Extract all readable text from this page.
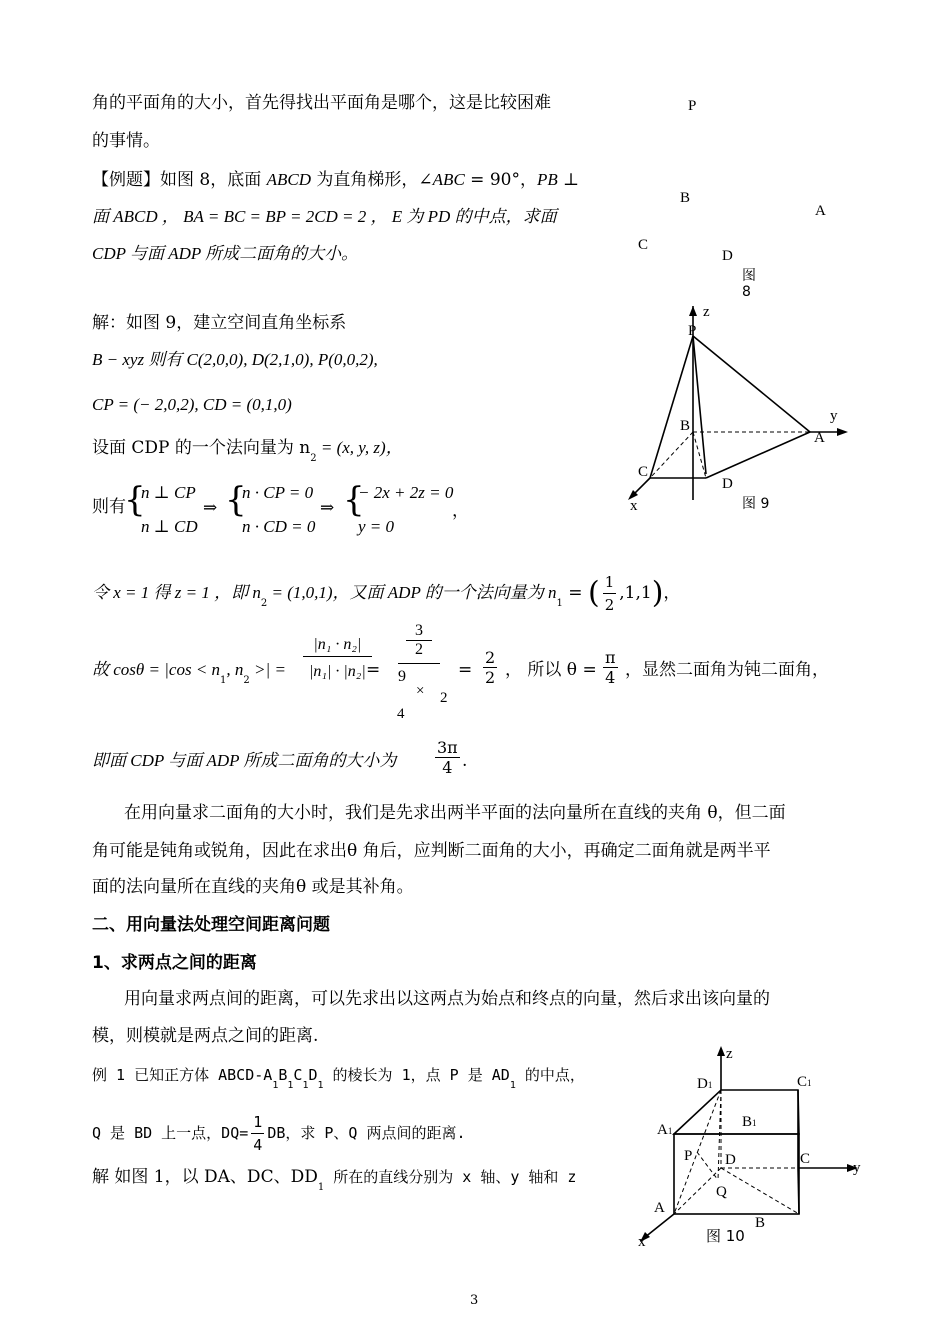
角的平面角的大小，首先得找出平面角是哪个，这是比较困难
的事情。
【例题】如图 8，底面 ABCD 为直角梯形，∠ABC = 90°，PB ⊥
面 ABCD ， BA = BC = BP = 2CD = 2 ， E 为 PD 的中点，求面
CDP 与面 ADP 所成二面角的大小。
P
B
A
C
D
图 8
解：如图 9，建立空间直角坐标系
B − xyz 则有 C(2,0,0), D(2,1,0), P(0,0,2),
CP = (− 2,0,2), CD = (0,1,0)
设面 CDP 的一个法向量为 $n_2 = (x$, y, z)，
则有
{
n ⊥ CP
n ⊥ CD
⇒ {
n · CP = 0
n · CD = 0
⇒ {
− 2x + 2z = 0
y = 0
，
z
P
y
B
A
C
D
x	图 9
令 x = 1 得 z = 1 ，即 $n_2 = (1,0,1)$，又面 ADP 的一个法向量为 $n_1$ = ( $\frac{1}{2} ,1,1$)，
故 $\cos\theta = |\cos < n_1$, $n_2$ >| = $\frac{\text{|n₁ · n₂|}}{\text{|n₁| · |n₂|}}$
=
3
2
9
4
× 2
= $\frac{2}{2}$ ， 所以 $\theta = \frac{\pi}{4}$ ，显然二面角为钝二面角，
即面 CDP 与面 ADP 所成二面角的大小为 $\frac{3\pi}{4}$ .
在用向量求二面角的大小时，我们是先求出两半平面的法向量所在直线的夹角 θ，但二面
角可能是钝角或锐角，因此在求出θ 角后，应判断二面角的大小，再确定二面角就是两半平
面的法向量所在直线的夹角θ 或是其补角。
二、用向量法处理空间距离问题
1、求两点之间的距离
用向量求两点间的距离，可以先求出以这两点为始点和终点的向量，然后求出该向量的
模，则模就是两点之间的距离.
例 1 已知正方体 ABCD-$A_1B_1C_1D_1$ 的棱长为 1，点 P 是 $AD_1$ 的中点，
Q 是 BD 上一点，$DQ= \frac{1}{4}$ DB，求 P、Q 两点间的距离.
解 如图 1，以 DA、DC、$DD_1$ 所在的直线分别为 x 轴、y 轴和 z
z
D1	C1
A1
B1
P D	C
y
Q
A
B
图 10
x
3
